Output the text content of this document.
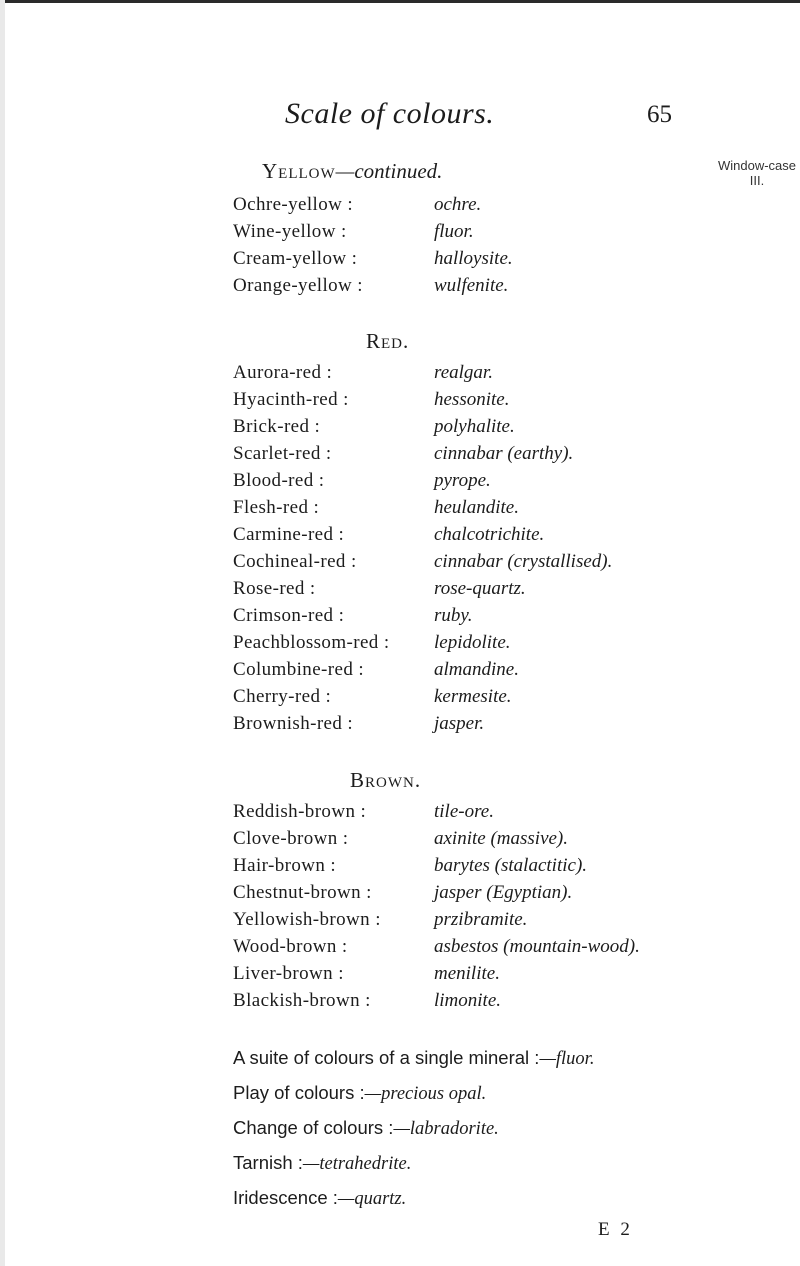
Scale of colours.	65
Window-case III.
Yellow—continued.
Ochre-yellow :	ochre.
Wine-yellow :	fluor.
Cream-yellow :	halloysite.
Orange-yellow :	wulfenite.
Red.
Aurora-red :	realgar.
Hyacinth-red :	hessonite.
Brick-red :	polyhalite.
Scarlet-red :	cinnabar (earthy).
Blood-red :	pyrope.
Flesh-red :	heulandite.
Carmine-red :	chalcotrichite.
Cochineal-red :	cinnabar (crystallised).
Rose-red :	rose-quartz.
Crimson-red :	ruby.
Peachblossom-red : lepidolite.
Columbine-red :	almandine.
Cherry-red :	kermesite.
Brownish-red :	jasper.
Brown.
Reddish-brown :	tile-ore.
Clove-brown :	axinite (massive).
Hair-brown :	barytes (stalactitic).
Chestnut-brown :	jasper (Egyptian).
Yellowish-brown :	przibramite.
Wood-brown :	asbestos (mountain-wood).
Liver-brown :	menilite.
Blackish-brown :	limonite.
A suite of colours of a single mineral :—fluor.
Play of colours :—precious opal.
Change of colours :—labradorite.
Tarnish :—tetrahedrite.
Iridescence :—quartz.
E 2
